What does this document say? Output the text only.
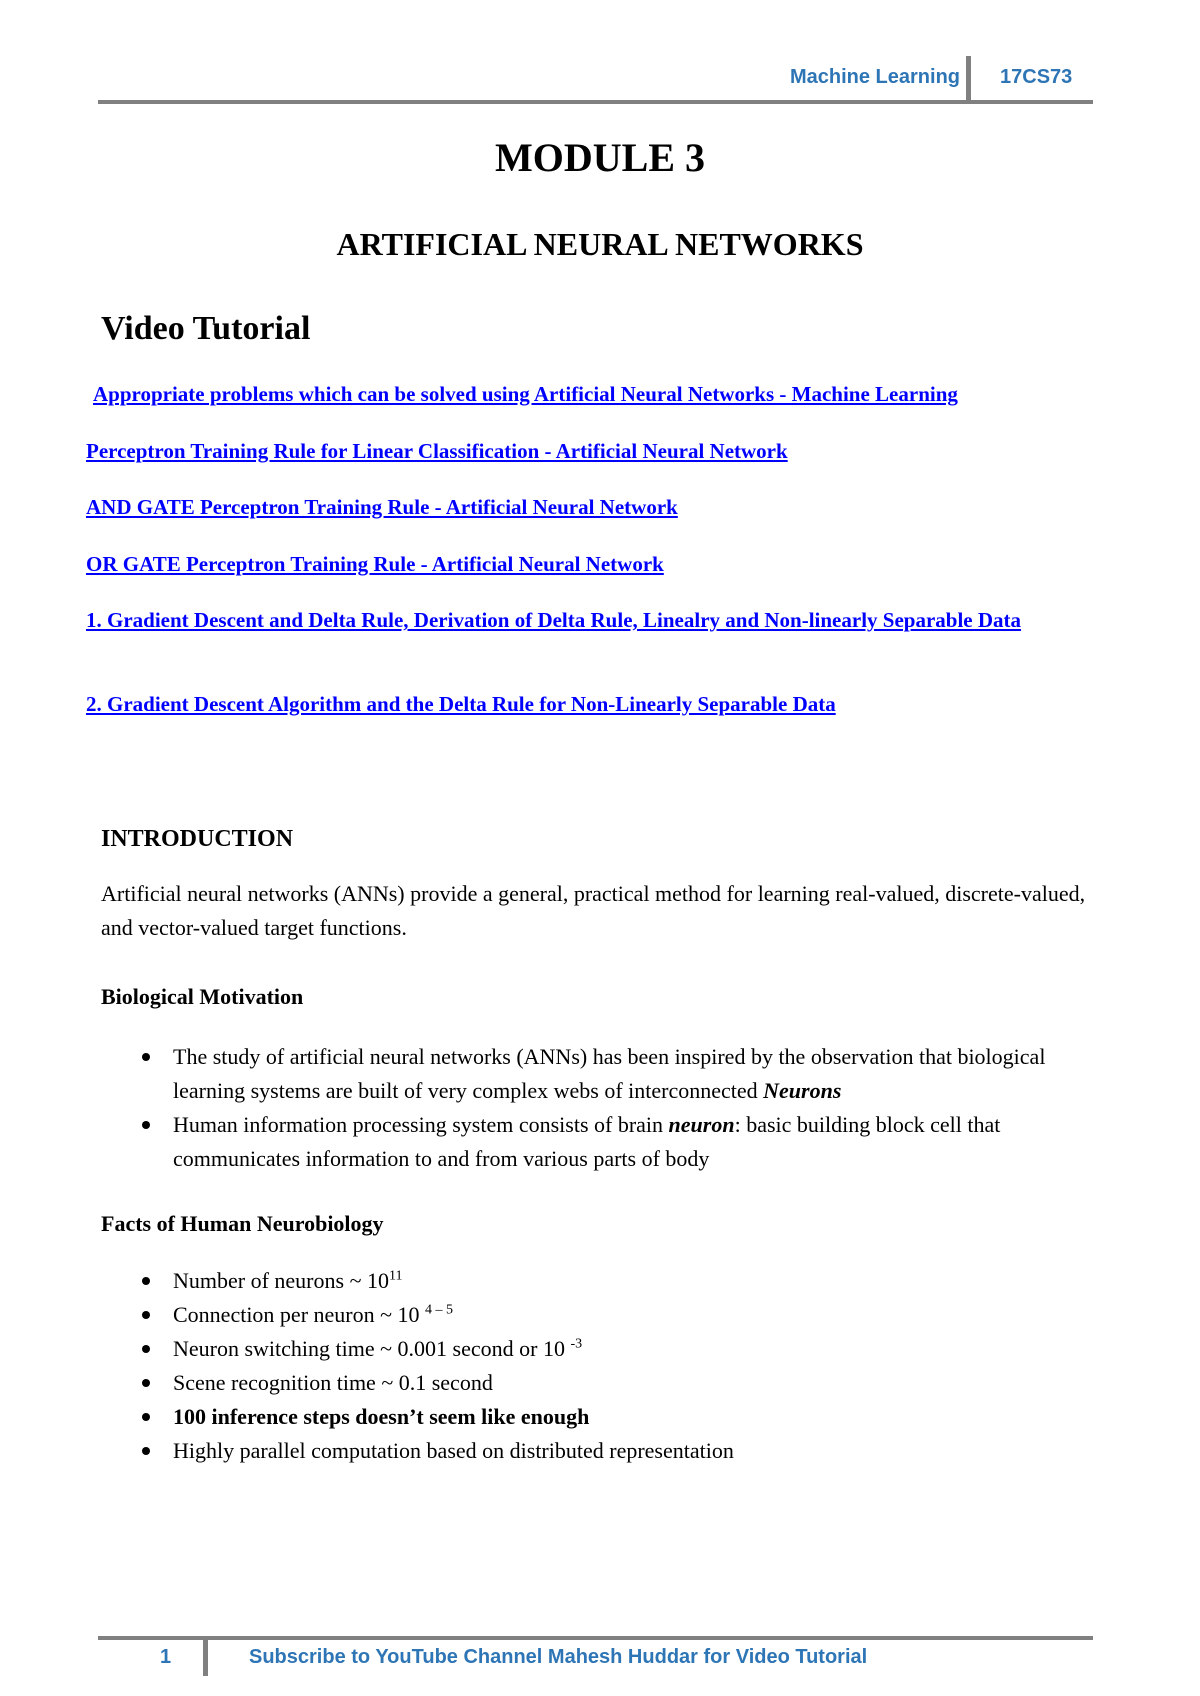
Machine Learning 17CS73
MODULE 3
ARTIFICIAL NEURAL NETWORKS
Video Tutorial
Appropriate problems which can be solved using Artificial Neural Networks - Machine Learning
Perceptron Training Rule for Linear Classification - Artificial Neural Network
AND GATE Perceptron Training Rule - Artificial Neural Network
OR GATE Perceptron Training Rule - Artificial Neural Network
1. Gradient Descent and Delta Rule, Derivation of Delta Rule, Linealry and Non-linearly Separable Data
2. Gradient Descent Algorithm and the Delta Rule for Non-Linearly Separable Data
INTRODUCTION
Artificial neural networks (ANNs) provide a general, practical method for learning real-valued, discrete-valued, and vector-valued target functions.
Biological Motivation
The study of artificial neural networks (ANNs) has been inspired by the observation that biological learning systems are built of very complex webs of interconnected Neurons
Human information processing system consists of brain neuron: basic building block cell that communicates information to and from various parts of body
Facts of Human Neurobiology
Number of neurons ~ $10^{11}$
Connection per neuron ~ 10 $^{4 - 5}$
Neuron switching time ~ 0.001 second or 10 $^{-3}$
Scene recognition time ~ 0.1 second
100 inference steps doesn’t seem like enough
Highly parallel computation based on distributed representation
1	Subscribe to YouTube Channel Mahesh Huddar for Video Tutorial
